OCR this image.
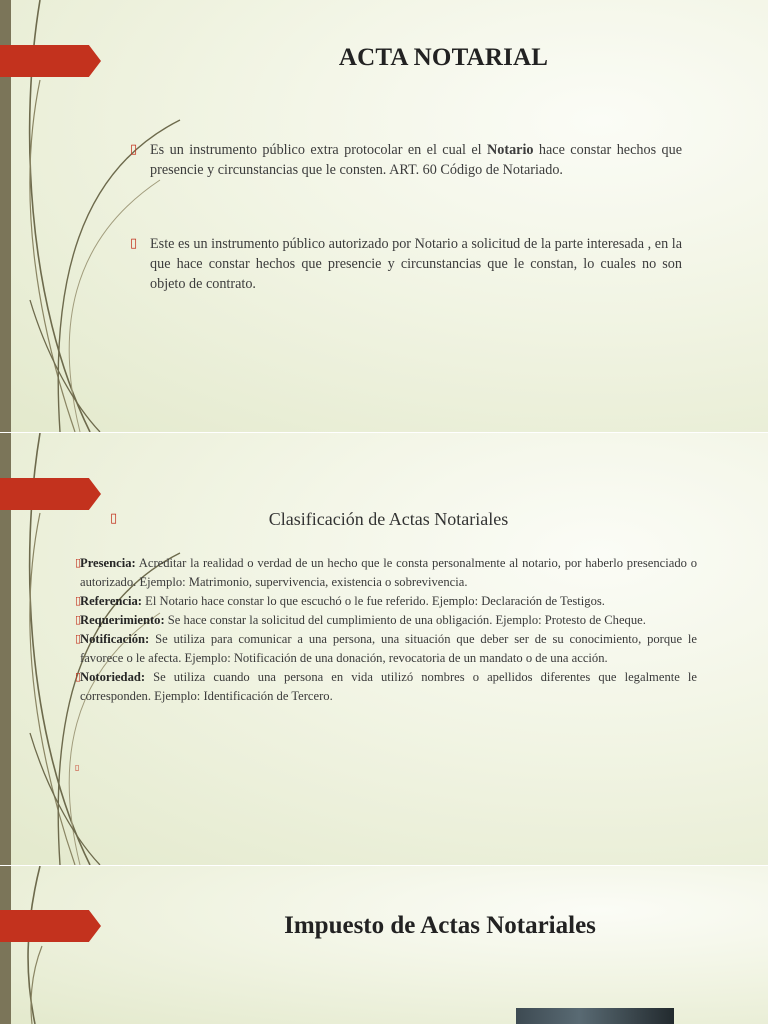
ACTA NOTARIAL
▯ Es un instrumento público extra protocolar en el cual el Notario hace constar hechos que presencie y circunstancias que le consten. ART. 60 Código de Notariado.
▯ Este es un instrumento público autorizado por Notario a solicitud de la parte interesada , en la que hace constar hechos que presencie y circunstancias que le constan, lo cuales no son objeto de contrato.
▯	Clasificación de Actas Notariales

▯
Presencia: Acreditar la realidad o verdad de un hecho que le consta personalmente al notario, por haberlo presenciado o autorizado. Ejemplo: Matrimonio, supervivencia, existencia o sobrevivencia.

▯
Referencia: El Notario hace constar lo que escuchó o le fue referido. Ejemplo: Declaración de Testigos.

▯
Requerimiento: Se hace constar la solicitud del cumplimiento de una obligación. Ejemplo: Protesto de Cheque.

▯
Notificación: Se utiliza para comunicar a una persona, una situación que deber ser de su conocimiento, porque le favorece o le afecta. Ejemplo: Notificación de una donación, revocatoria de un mandato o de una acción.

▯
Notoriedad: Se utiliza cuando una persona en vida utilizó nombres o apellidos diferentes que legalmente le corresponden. Ejemplo: Identificación de Tercero.

▯
Impuesto de Actas Notariales
